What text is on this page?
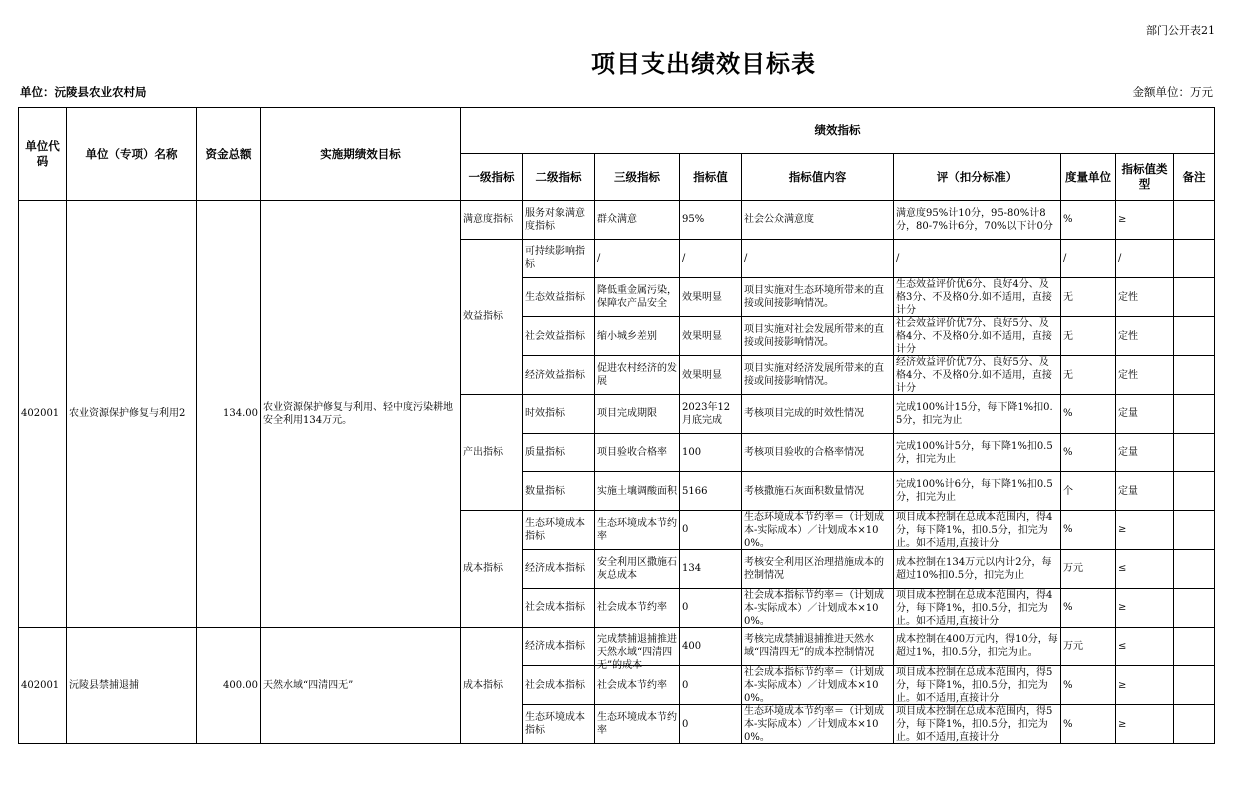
部门公开表21
项目支出绩效目标表
单位：沅陵县农业农村局	金额单位：万元
单位代码	单位（专项）名称	资金总额	实施期绩效目标	绩效指标								
				一级指标	二级指标	三级指标	指标值	指标值内容	评（扣分标准）	度量单位	指标值类型	备注

402001	农业资源保护修复与利用2	134.00	农业资源保护修复与利用、轻中度污染耕地安全利用134万元。	满意度指标	服务对象满意度指标	群众满意	95%	社会公众满意度	满意度95%计10分，95-80%计8分，80-7%计6分，70%以下计0分	%	≥	

				效益指标	可持续影响指标	/	/	/	/	/	/	

					生态效益指标	降低重金属污染，保障农产品安全	效果明显	项目实施对生态环境所带来的直接或间接影响情况。	生态效益评价优6分、良好4分、及格3分、不及格0分.如不适用，直接计分	无	定性	

					社会效益指标	缩小城乡差别	效果明显	项目实施对社会发展所带来的直接或间接影响情况。	社会效益评价优7分、良好5分、及格4分、不及格0分.如不适用，直接计分	无	定性	

					经济效益指标	促进农村经济的发展	效果明显	项目实施对经济发展所带来的直接或间接影响情况。	经济效益评价优7分、良好5分、及格4分、不及格0分.如不适用，直接计分	无	定性	

				产出指标	时效指标	项目完成期限	2023年12月底完成	考核项目完成的时效性情况	完成100%计15分，每下降1%扣0.5分，扣完为止	%	定量	

					质量指标	项目验收合格率	100	考核项目验收的合格率情况	完成100%计5分，每下降1%扣0.5分，扣完为止	%	定量	

					数量指标	实施土壤调酸面积	5166	考核撒施石灰面积数量情况	完成100%计6分，每下降1%扣0.5分，扣完为止	个	定量	

				成本指标	生态环境成本指标	生态环境成本节约率	0	生态环境成本节约率＝（计划成本-实际成本）／计划成本×100%。	项目成本控制在总成本范围内，得4分，每下降1%，扣0.5分，扣完为止。如不适用,直接计分	%	≥	

					经济成本指标	安全利用区撒施石灰总成本	134	考核安全利用区治理措施成本的控制情况	成本控制在134万元以内计2分，每超过10%扣0.5分，扣完为止	万元	≤	

					社会成本指标	社会成本节约率	0	社会成本指标节约率＝（计划成本-实际成本）／计划成本×100%。	项目成本控制在总成本范围内，得4分，每下降1%，扣0.5分，扣完为止。如不适用,直接计分	%	≥	

402001	沅陵县禁捕退捕	400.00	天然水域“四清四无”	成本指标	经济成本指标	完成禁捕退捕推进天然水域“四清四无”的成本	400	考核完成禁捕退捕推进天然水域“四清四无”的成本控制情况	成本控制在400万元内，得10分，每超过1%，扣0.5分，扣完为止。	万元	≤	

					社会成本指标	社会成本节约率	0	社会成本指标节约率＝（计划成本-实际成本）／计划成本×100%。	项目成本控制在总成本范围内，得5分，每下降1%，扣0.5分，扣完为止。如不适用,直接计分	%	≥	

					生态环境成本指标	生态环境成本节约率	0	生态环境成本节约率＝（计划成本-实际成本）／计划成本×100%。	项目成本控制在总成本范围内，得5分，每下降1%，扣0.5分，扣完为止。如不适用,直接计分	%	≥	
